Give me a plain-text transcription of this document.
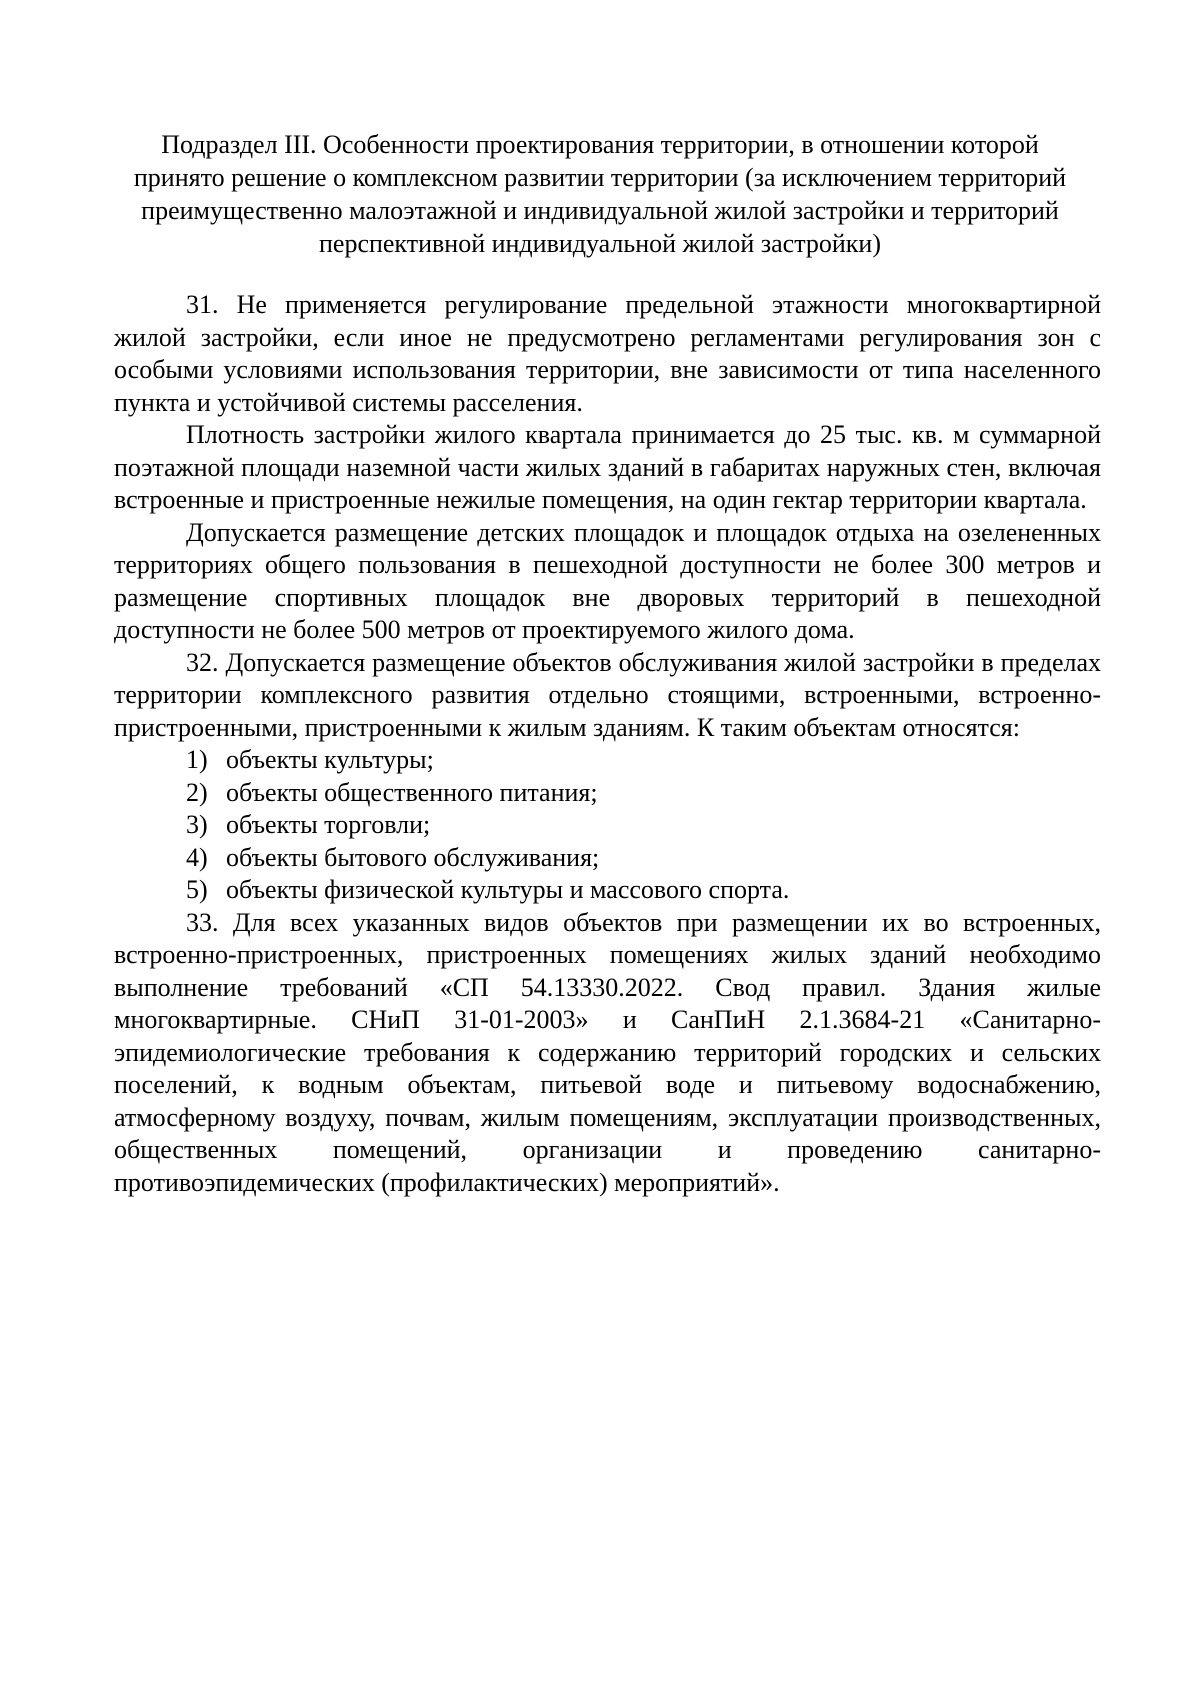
Подраздел III. Особенности проектирования территории, в отношении которой принято решение о комплексном развитии территории (за исключением территорий преимущественно малоэтажной и индивидуальной жилой застройки и территорий перспективной индивидуальной жилой застройки)

31. Не применяется регулирование предельной этажности многоквартирной жилой застройки, если иное не предусмотрено регламентами регулирования зон с особыми условиями использования территории, вне зависимости от типа населенного пункта и устойчивой системы расселения.

Плотность застройки жилого квартала принимается до 25 тыс. кв. м суммарной поэтажной площади наземной части жилых зданий в габаритах наружных стен, включая встроенные и пристроенные нежилые помещения, на один гектар территории квартала.

Допускается размещение детских площадок и площадок отдыха на озелененных территориях общего пользования в пешеходной доступности не более 300 метров и размещение спортивных площадок вне дворовых территорий в пешеходной доступности не более 500 метров от проектируемого жилого дома.

32. Допускается размещение объектов обслуживания жилой застройки в пределах территории комплексного развития отдельно стоящими, встроенными, встроенно-пристроенными, пристроенными к жилым зданиям. К таким объектам относятся:

1) объекты культуры;
2) объекты общественного питания;
3) объекты торговли;
4) объекты бытового обслуживания;
5) объекты физической культуры и массового спорта.

33. Для всех указанных видов объектов при размещении их во встроенных, встроенно-пристроенных, пристроенных помещениях жилых зданий необходимо выполнение требований «СП 54.13330.2022. Свод правил. Здания жилые многоквартирные. СНиП 31-01-2003» и СанПиН 2.1.3684-21 «Санитарно-эпидемиологические требования к содержанию территорий городских и сельских поселений, к водным объектам, питьевой воде и питьевому водоснабжению, атмосферному воздуху, почвам, жилым помещениям, эксплуатации производственных, общественных помещений, организации и проведению санитарно-противоэпидемических (профилактических) мероприятий».
